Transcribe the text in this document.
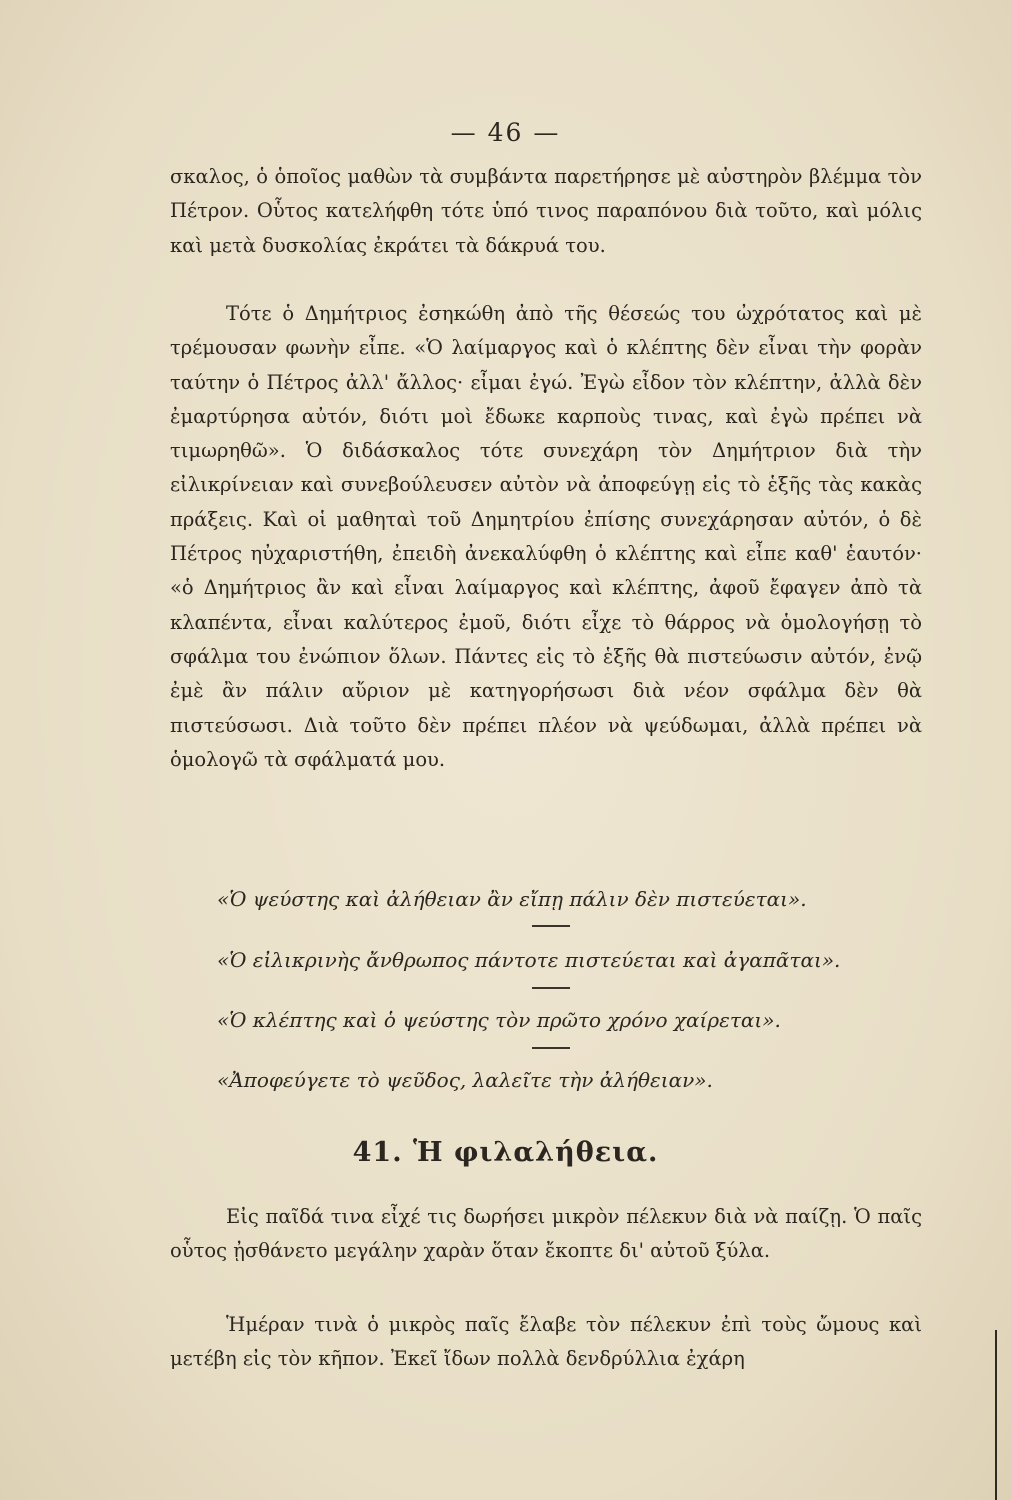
— 46 —

σκαλος, ὁ ὁποῖος μαθὼν τὰ συμβάντα παρετήρησε μὲ αὐστηρὸν βλέμμα τὸν Πέτρον. Οὗτος κατελήφθη τότε ὑπό τινος παραπόνου διὰ τοῦτο, καὶ μόλις καὶ μετὰ δυσκολίας ἐκράτει τὰ δάκρυά του.

Τότε ὁ Δημήτριος ἐσηκώθη ἀπὸ τῆς θέσεώς του ὠχρότατος καὶ μὲ τρέμουσαν φωνὴν εἶπε. «Ὁ λαίμαργος καὶ ὁ κλέπτης δὲν εἶναι τὴν φορὰν ταύτην ὁ Πέτρος ἀλλ' ἄλλος· εἶμαι ἐγώ. Ἐγὼ εἶδον τὸν κλέπτην, ἀλλὰ δὲν ἐμαρτύρησα αὐτόν, διότι μοὶ ἔδωκε καρποὺς τινας, καὶ ἐγὼ πρέπει νὰ τιμωρηθῶ». Ὁ διδάσκαλος τότε συνεχάρη τὸν Δημήτριον διὰ τὴν εἰλικρίνειαν καὶ συνεβούλευσεν αὐτὸν νὰ ἀποφεύγῃ εἰς τὸ ἑξῆς τὰς κακὰς πράξεις. Καὶ οἱ μαθηταὶ τοῦ Δημητρίου ἐπίσης συνεχάρησαν αὐτόν, ὁ δὲ Πέτρος ηὐχαριστήθη, ἐπειδὴ ἀνεκαλύφθη ὁ κλέπτης καὶ εἶπε καθ' ἑαυτόν· «ὁ Δημήτριος ἂν καὶ εἶναι λαίμαργος καὶ κλέπτης, ἀφοῦ ἔφαγεν ἀπὸ τὰ κλαπέντα, εἶναι καλύτερος ἐμοῦ, διότι εἶχε τὸ θάρρος νὰ ὁμολογήσῃ τὸ σφάλμα του ἐνώπιον ὅλων. Πάντες εἰς τὸ ἑξῆς θὰ πιστεύωσιν αὐτόν, ἐνῷ ἐμὲ ἂν πάλιν αὔριον μὲ κατηγορήσωσι διὰ νέον σφάλμα δὲν θὰ πιστεύσωσι. Διὰ τοῦτο δὲν πρέπει πλέον νὰ ψεύδωμαι, ἀλλὰ πρέπει νὰ ὁμολογῶ τὰ σφάλματά μου.

«Ὁ ψεύστης καὶ ἀλήθειαν ἂν εἴπῃ πάλιν δὲν πιστεύεται».
«Ὁ εἰλικρινὴς ἄνθρωπος πάντοτε πιστεύεται καὶ ἀγαπᾶται».
«Ὁ κλέπτης καὶ ὁ ψεύστης τὸν πρῶτο χρόνο χαίρεται».
«Ἀποφεύγετε τὸ ψεῦδος, λαλεῖτε τὴν ἀλήθειαν».
41. Ἡ φιλαλήθεια.

Εἰς παῖδά τινα εἶχέ τις δωρήσει μικρὸν πέλεκυν διὰ νὰ παίζῃ. Ὁ παῖς οὗτος ᾐσθάνετο μεγάλην χαρὰν ὅταν ἔκοπτε δι' αὐτοῦ ξύλα.

Ἡμέραν τινὰ ὁ μικρὸς παῖς ἔλαβε τὸν πέλεκυν ἐπὶ τοὺς ὤμους καὶ μετέβη εἰς τὸν κῆπον. Ἐκεῖ ἴδων πολλὰ δενδρύλλια ἐχάρη
